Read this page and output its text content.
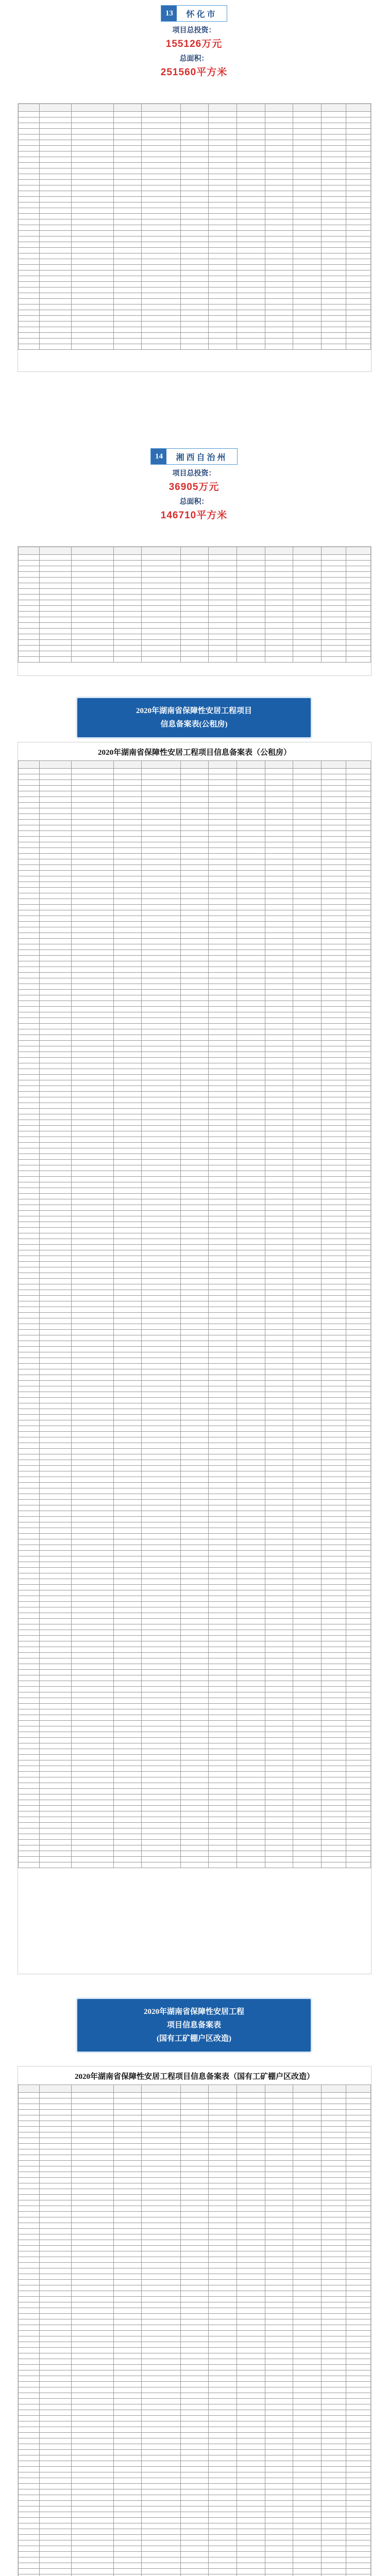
13	怀化市
项目总投资：
155126万元
总面积：
251560平方米

14	湘西自治州
项目总投资：
36905万元
总面积：
146710平方米

2020年湖南省保障性安居工程项目
信息备案表(公租房)
2020年湖南省保障性安居工程项目信息备案表（公租房）

2020年湖南省保障性安居工程
项目信息备案表
(国有工矿棚户区改造)
2020年湖南省保障性安居工程项目信息备案表（国有工矿棚户区改造）
